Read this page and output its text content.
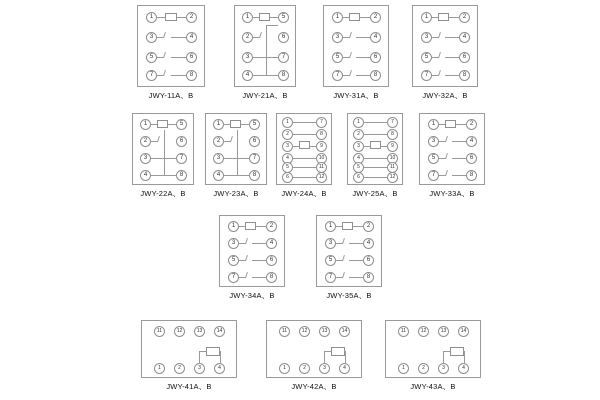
1
3
5
7
2
4
6
8
JWY-11A、B
1
2
3
4
5
6
7
8
JWY-21A、B
1
3
5
7
2
4
6
8
JWY-31A、B
1
3
5
7
2
4
6
8
JWY-32A、B
1
2
3
4
5
6
7
8
JWY-22A、B
1
2
3
4
5
6
7
8
JWY-23A、B
1
2
3
4
5
6
7
8
9
10
11
12
JWY-24A、B
1
2
3
4
5
6
7
8
9
10
11
12
JWY-25A、B
1
3
5
7
2
4
6
8
JWY-33A、B
1
3
5
7
2
4
6
8
JWY-34A、B
1
3
5
7
2
4
6
8
JWY-35A、B
11	12	13	14
1	2	3	4
JWY-41A、B
11	12	13	14
1	2	3	4
JWY-42A、B
11	12	13	14
1	2	3	4
JWY-43A、B
